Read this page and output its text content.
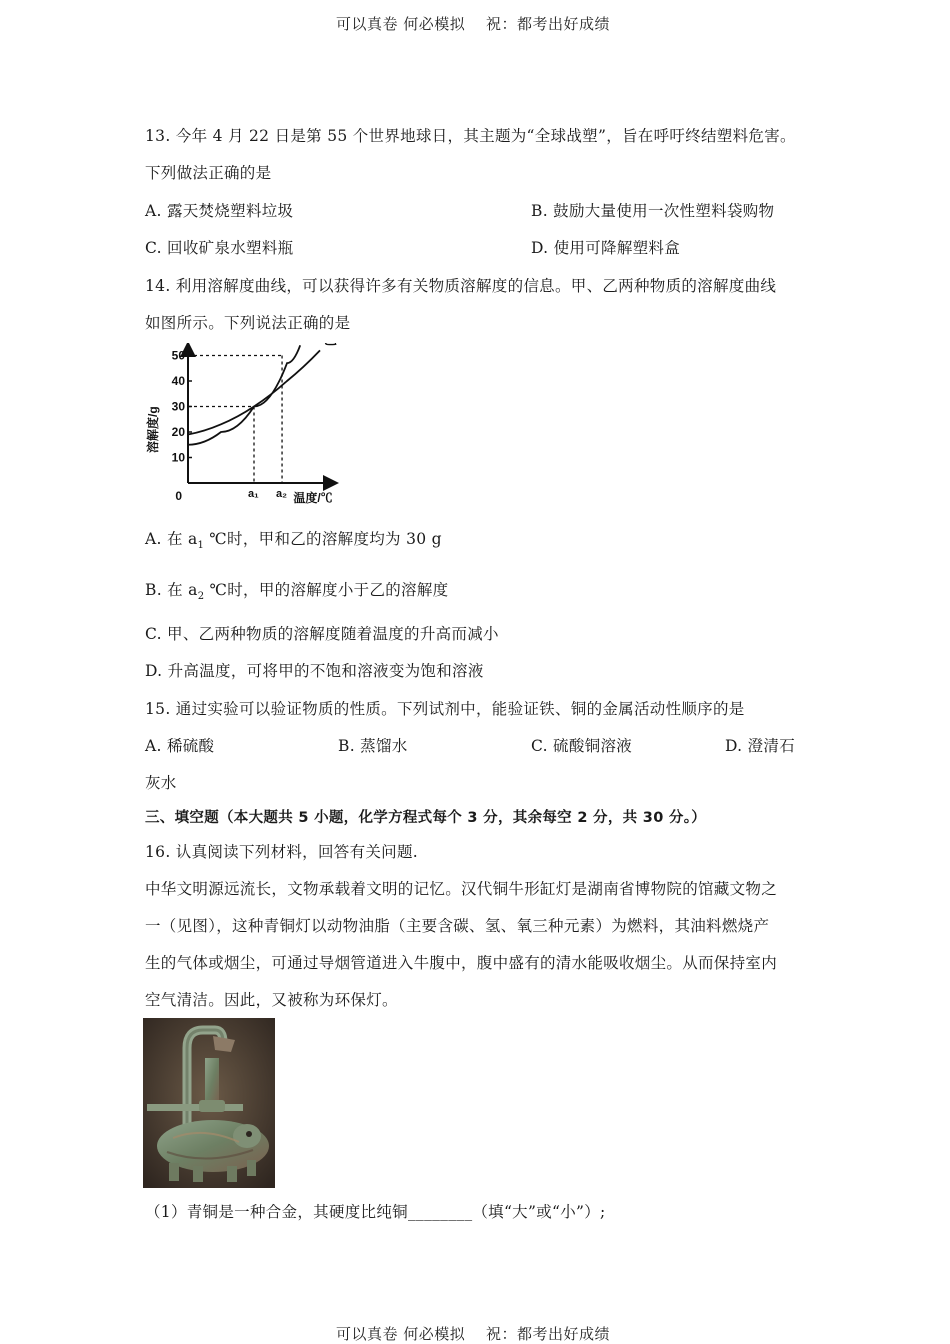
可以真卷 何必模拟　 祝：都考出好成绩
13. 今年 4 月 22 日是第 55 个世界地球日，其主题为“全球战塑”，旨在呼吁终结塑料危害。
下列做法正确的是
A. 露天焚烧塑料垃圾	B. 鼓励大量使用一次性塑料袋购物
C. 回收矿泉水塑料瓶	D. 使用可降解塑料盒
14. 利用溶解度曲线，可以获得许多有关物质溶解度的信息。甲、乙两种物质的溶解度曲线
如图所示。下列说法正确的是
10
20
30
40
50
0	a₁ a₂
溶解度/g
温度/℃
A. 在 $a_1$ ℃时，甲和乙的溶解度均为 30 g
B. 在 $a_2$ ℃时，甲的溶解度小于乙的溶解度
C. 甲、乙两种物质的溶解度随着温度的升高而减小
D. 升高温度，可将甲的不饱和溶液变为饱和溶液
15. 通过实验可以验证物质的性质。下列试剂中，能验证铁、铜的金属活动性顺序的是
A. 稀硫酸	B. 蒸馏水	C. 硫酸铜溶液	D. 澄清石
灰水
三、填空题（本大题共 5 小题，化学方程式每个 3 分，其余每空 2 分，共 30 分。）
16. 认真阅读下列材料，回答有关问题.
中华文明源远流长，文物承载着文明的记忆。汉代铜牛形缸灯是湖南省博物院的馆藏文物之
一（见图），这种青铜灯以动物油脂（主要含碳、氢、氧三种元素）为燃料，其油料燃烧产
生的气体或烟尘，可通过导烟管道进入牛腹中，腹中盛有的清水能吸收烟尘。从而保持室内
空气清洁。因此，又被称为环保灯。
（1）青铜是一种合金，其硬度比纯铜________（填“大”或“小”）;
可以真卷 何必模拟　 祝：都考出好成绩
